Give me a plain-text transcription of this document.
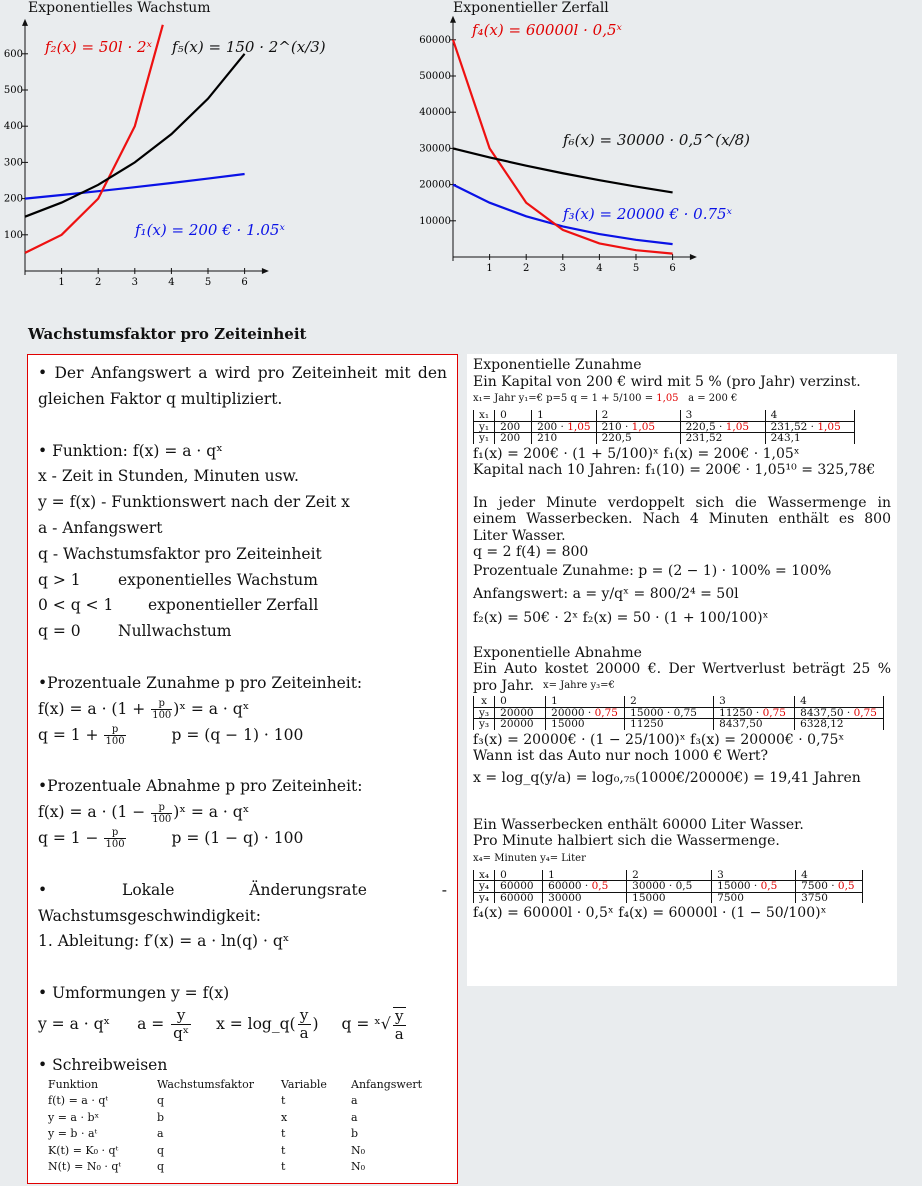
Exponentielles Wachstum
1	2	3	4	5	6
100
200
300
400
500
600 f₂(x) = 50l · 2ˣ f₅(x) = 150 · 2^(x/3)
f₁(x) = 200 € · 1.05ˣ
Exponentieller Zerfall
1	2	3	4	5	6
10000
20000
30000
40000
50000
60000
f₄(x) = 60000l · 0,5ˣ
f₆(x) = 30000 · 0,5^(x/8)
f₃(x) = 20000 € · 0.75ˣ
Wachstumsfaktor pro Zeiteinheit
• Der Anfangswert a wird pro Zeiteinheit mit den gleichen Faktor q multipliziert.
• Funktion: f(x) = a · qˣ
x - Zeit in Stunden, Minuten usw.
y = f(x) - Funktionswert nach der Zeit x
a - Anfangswert
q - Wachstumsfaktor pro Zeiteinheit
q > 1 exponentielles Wachstum
0 < q < 1 exponentieller Zerfall
q = 0 Nullwachstum
•Prozentuale Zunahme p pro Zeiteinheit:
$f(x) = a \cdot (1 + \frac{p}{100}$ )ˣ = a · qˣ
$q = 1 + \frac{p}{100}$	p = (q − 1) · 100
•Prozentuale Abnahme p pro Zeiteinheit:
$f(x) = a \cdot (1 - \frac{p}{100}$ )ˣ = a · qˣ
$q = 1 - \frac{p}{100}$	p = (1 − q) · 100
• Lokale Änderungsrate - Wachstumsgeschwindigkeit:
1. Ableitung: f′(x) = a · ln(q) · qˣ
• Umformungen y = f(x)
y = a · qˣ $a = \frac{y}{\text{qˣ}}$ x = log_q( $\frac{y}{a}$ ) q = ˣ√ $\frac{y}{a}$
• Schreibweisen
Funktion	Wachstumsfaktor	Variable	Anfangswert
f(t) = a · qᵗ	q	t	a
y = a · bˣ	b	x	a
y = b · aᵗ	a	t	b
K(t) = K₀ · qᵗ	q	t	N₀
N(t) = N₀ · qᵗ	q	t	N₀
Exponentielle Zunahme
Ein Kapital von 200 € wird mit 5 % (pro Jahr) verzinst.
x₁= Jahr y₁=€ p=5 q = 1 + 5/100 = 1,05   a = 200 €
x₁	0	1	2	3	4
y₁	200	200 · 1,05	210 · 1,05	220,5 · 1,05	231,52 · 1,05
y₁	200	210	220,5	231,52	243,1
f₁(x) = 200€ · (1 + 5/100)ˣ f₁(x) = 200€ · 1,05ˣ
Kapital nach 10 Jahren: f₁(10) = 200€ · 1,05¹⁰ = 325,78€
In jeder Minute verdoppelt sich die Wassermenge in einem Wasserbecken. Nach 4 Minuten enthält es 800 Liter Wasser.
q = 2 f(4) = 800
Prozentuale Zunahme: p = (2 − 1) · 100% = 100%
Anfangswert: a = y/qˣ = 800/2⁴ = 50l
f₂(x) = 50€ · 2ˣ f₂(x) = 50 · (1 + 100/100)ˣ
Exponentielle Abnahme
Ein Auto kostet 20000 €. Der Wertverlust beträgt 25 % pro Jahr. x= Jahre y₃=€
x	0	1	2	3	4
y₃	20000	20000 · 0,75	15000 · 0,75	11250 · 0,75	8437,50 · 0,75
y₃	20000	15000	11250	8437,50	6328,12
f₃(x) = 20000€ · (1 − 25/100)ˣ f₃(x) = 20000€ · 0,75ˣ
Wann ist das Auto nur noch 1000 € Wert?
x = log_q(y/a) = log₀,₇₅(1000€/20000€) = 19,41 Jahren
Ein Wasserbecken enthält 60000 Liter Wasser.
Pro Minute halbiert sich die Wassermenge.
x₄= Minuten y₄= Liter
x₄	0	1	2	3	4
y₄	60000	60000 · 0,5	30000 · 0,5	15000 · 0,5	7500 · 0,5
y₄	60000	30000	15000	7500	3750
f₄(x) = 60000l · 0,5ˣ f₄(x) = 60000l · (1 − 50/100)ˣ
